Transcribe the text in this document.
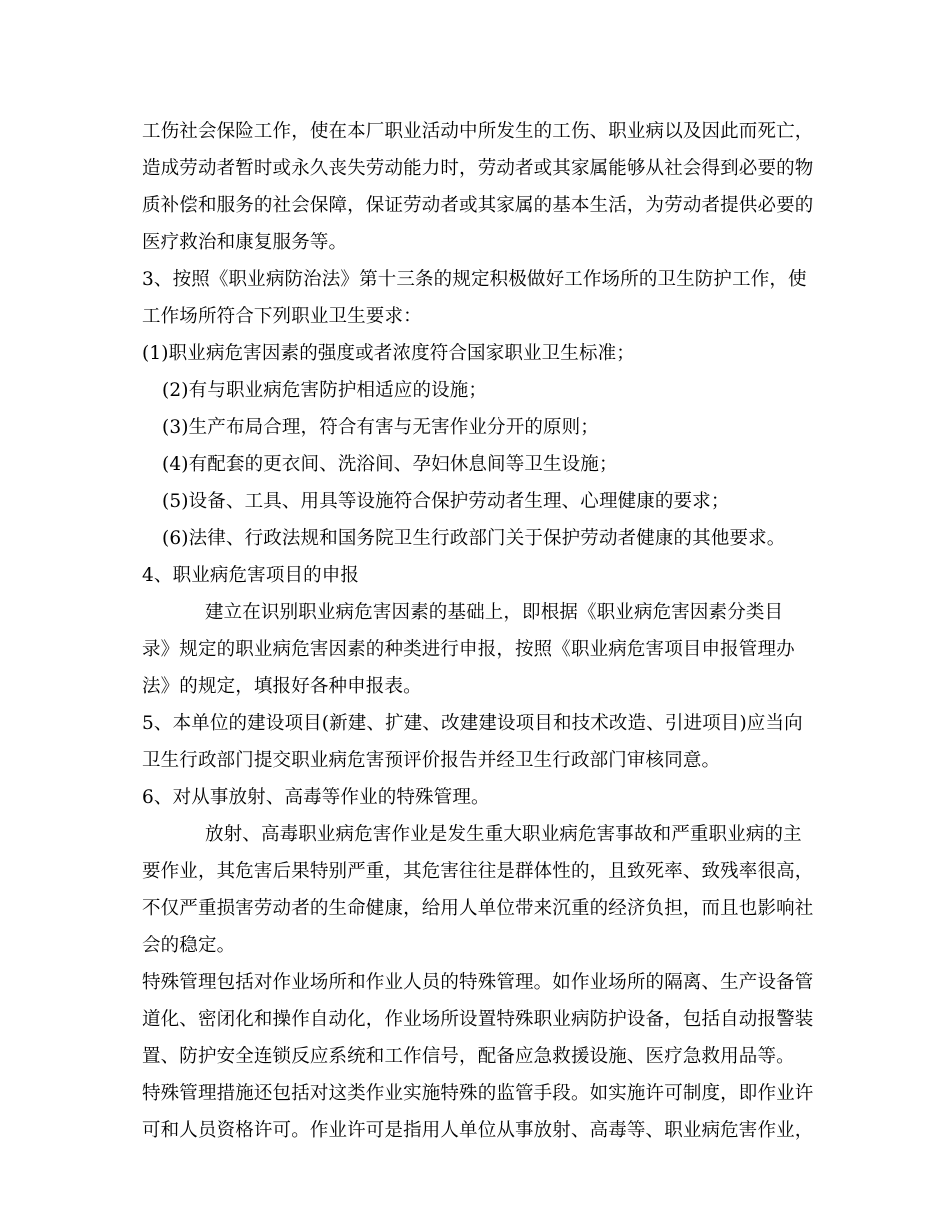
工伤社会保险工作，使在本厂职业活动中所发生的工伤、职业病以及因此而死亡，
造成劳动者暂时或永久丧失劳动能力时，劳动者或其家属能够从社会得到必要的物
质补偿和服务的社会保障，保证劳动者或其家属的基本生活，为劳动者提供必要的
医疗救治和康复服务等。
3、按照《职业病防治法》第十三条的规定积极做好工作场所的卫生防护工作，使
工作场所符合下列职业卫生要求：
(1)职业病危害因素的强度或者浓度符合国家职业卫生标准；
(2)有与职业病危害防护相适应的设施；
(3)生产布局合理，符合有害与无害作业分开的原则；
(4)有配套的更衣间、洗浴间、孕妇休息间等卫生设施；
(5)设备、工具、用具等设施符合保护劳动者生理、心理健康的要求；
(6)法律、行政法规和国务院卫生行政部门关于保护劳动者健康的其他要求。
4、职业病危害项目的申报
建立在识别职业病危害因素的基础上，即根据《职业病危害因素分类目
录》规定的职业病危害因素的种类进行申报，按照《职业病危害项目申报管理办
法》的规定，填报好各种申报表。
5、本单位的建设项目(新建、扩建、改建建设项目和技术改造、引进项目)应当向
卫生行政部门提交职业病危害预评价报告并经卫生行政部门审核同意。
6、对从事放射、高毒等作业的特殊管理。
放射、高毒职业病危害作业是发生重大职业病危害事故和严重职业病的主
要作业，其危害后果特别严重，其危害往往是群体性的，且致死率、致残率很高，
不仅严重损害劳动者的生命健康，给用人单位带来沉重的经济负担，而且也影响社
会的稳定。
特殊管理包括对作业场所和作业人员的特殊管理。如作业场所的隔离、生产设备管
道化、密闭化和操作自动化，作业场所设置特殊职业病防护设备，包括自动报警装
置、防护安全连锁反应系统和工作信号，配备应急救援设施、医疗急救用品等。
特殊管理措施还包括对这类作业实施特殊的监管手段。如实施许可制度，即作业许
可和人员资格许可。作业许可是指用人单位从事放射、高毒等、职业病危害作业，
